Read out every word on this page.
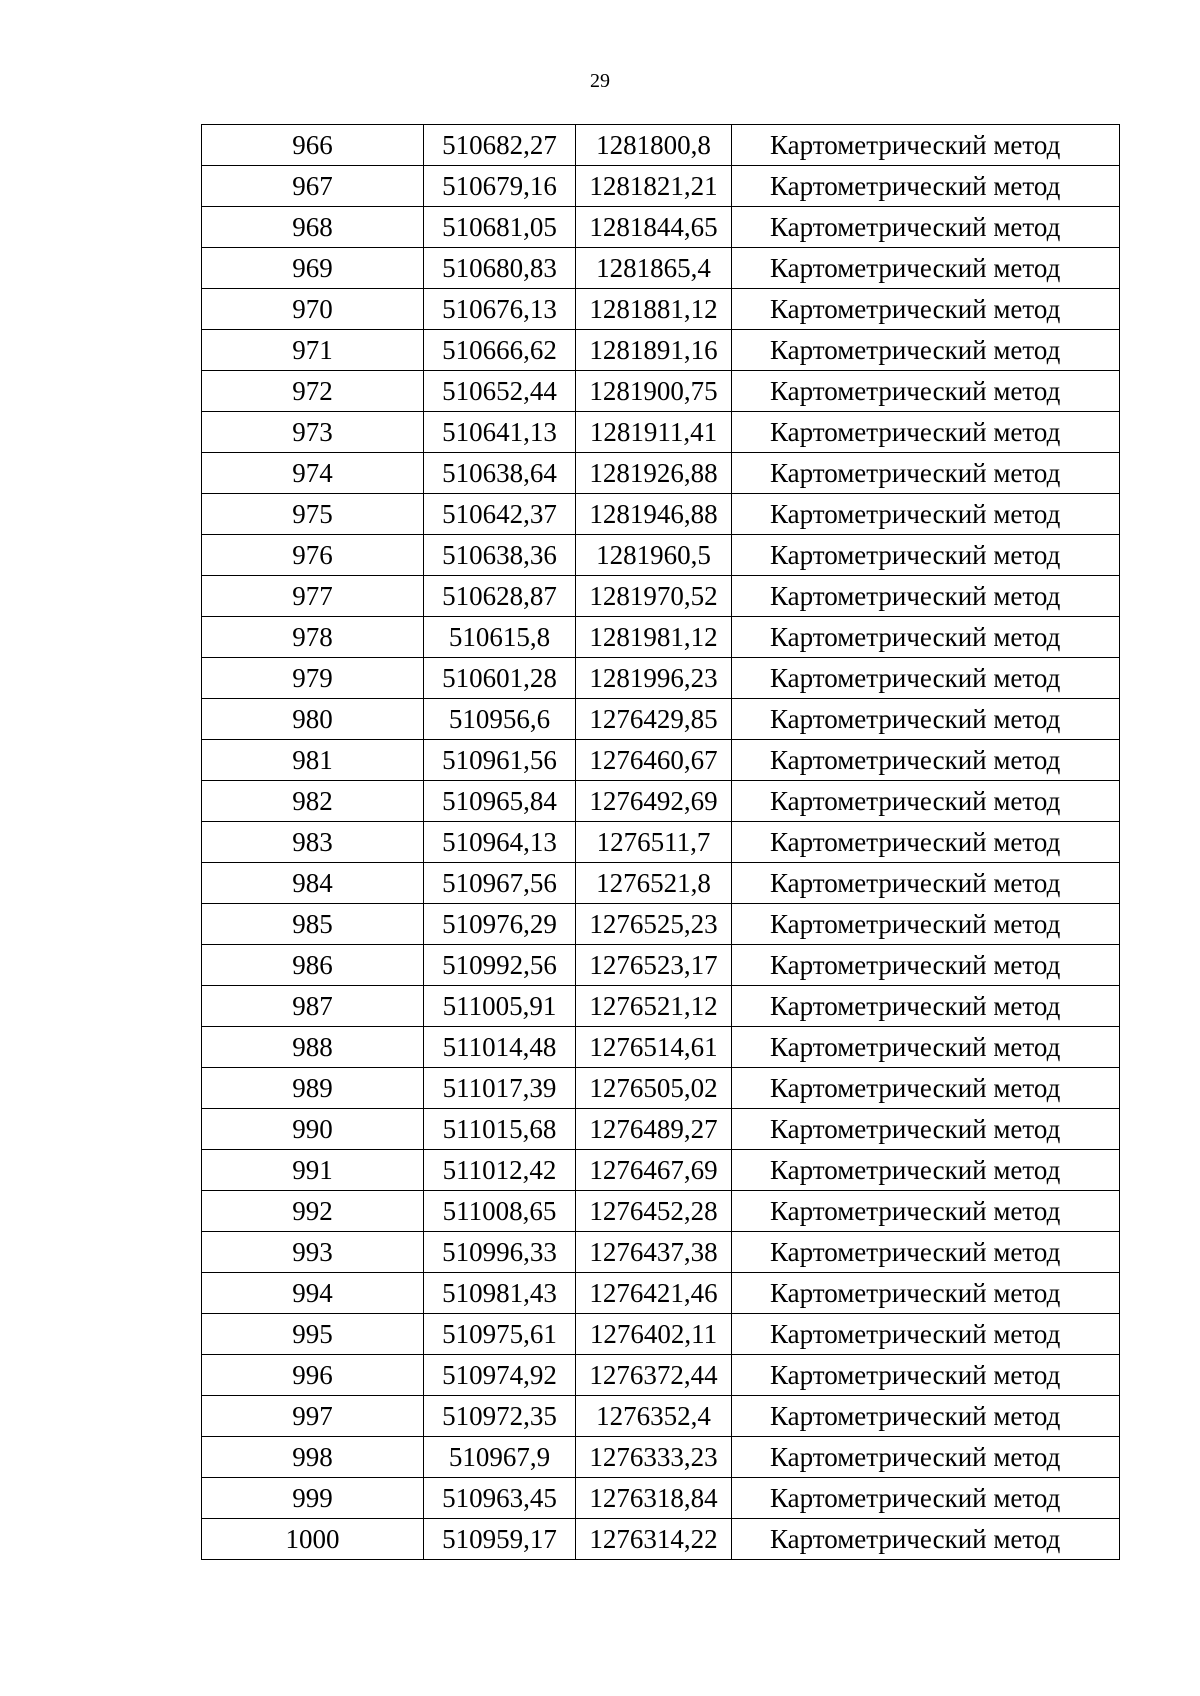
29
966	510682,27	1281800,8	Картометрический метод
967	510679,16	1281821,21	Картометрический метод
968	510681,05	1281844,65	Картометрический метод
969	510680,83	1281865,4	Картометрический метод
970	510676,13	1281881,12	Картометрический метод
971	510666,62	1281891,16	Картометрический метод
972	510652,44	1281900,75	Картометрический метод
973	510641,13	1281911,41	Картометрический метод
974	510638,64	1281926,88	Картометрический метод
975	510642,37	1281946,88	Картометрический метод
976	510638,36	1281960,5	Картометрический метод
977	510628,87	1281970,52	Картометрический метод
978	510615,8	1281981,12	Картометрический метод
979	510601,28	1281996,23	Картометрический метод
980	510956,6	1276429,85	Картометрический метод
981	510961,56	1276460,67	Картометрический метод
982	510965,84	1276492,69	Картометрический метод
983	510964,13	1276511,7	Картометрический метод
984	510967,56	1276521,8	Картометрический метод
985	510976,29	1276525,23	Картометрический метод
986	510992,56	1276523,17	Картометрический метод
987	511005,91	1276521,12	Картометрический метод
988	511014,48	1276514,61	Картометрический метод
989	511017,39	1276505,02	Картометрический метод
990	511015,68	1276489,27	Картометрический метод
991	511012,42	1276467,69	Картометрический метод
992	511008,65	1276452,28	Картометрический метод
993	510996,33	1276437,38	Картометрический метод
994	510981,43	1276421,46	Картометрический метод
995	510975,61	1276402,11	Картометрический метод
996	510974,92	1276372,44	Картометрический метод
997	510972,35	1276352,4	Картометрический метод
998	510967,9	1276333,23	Картометрический метод
999	510963,45	1276318,84	Картометрический метод
1000	510959,17	1276314,22	Картометрический метод
